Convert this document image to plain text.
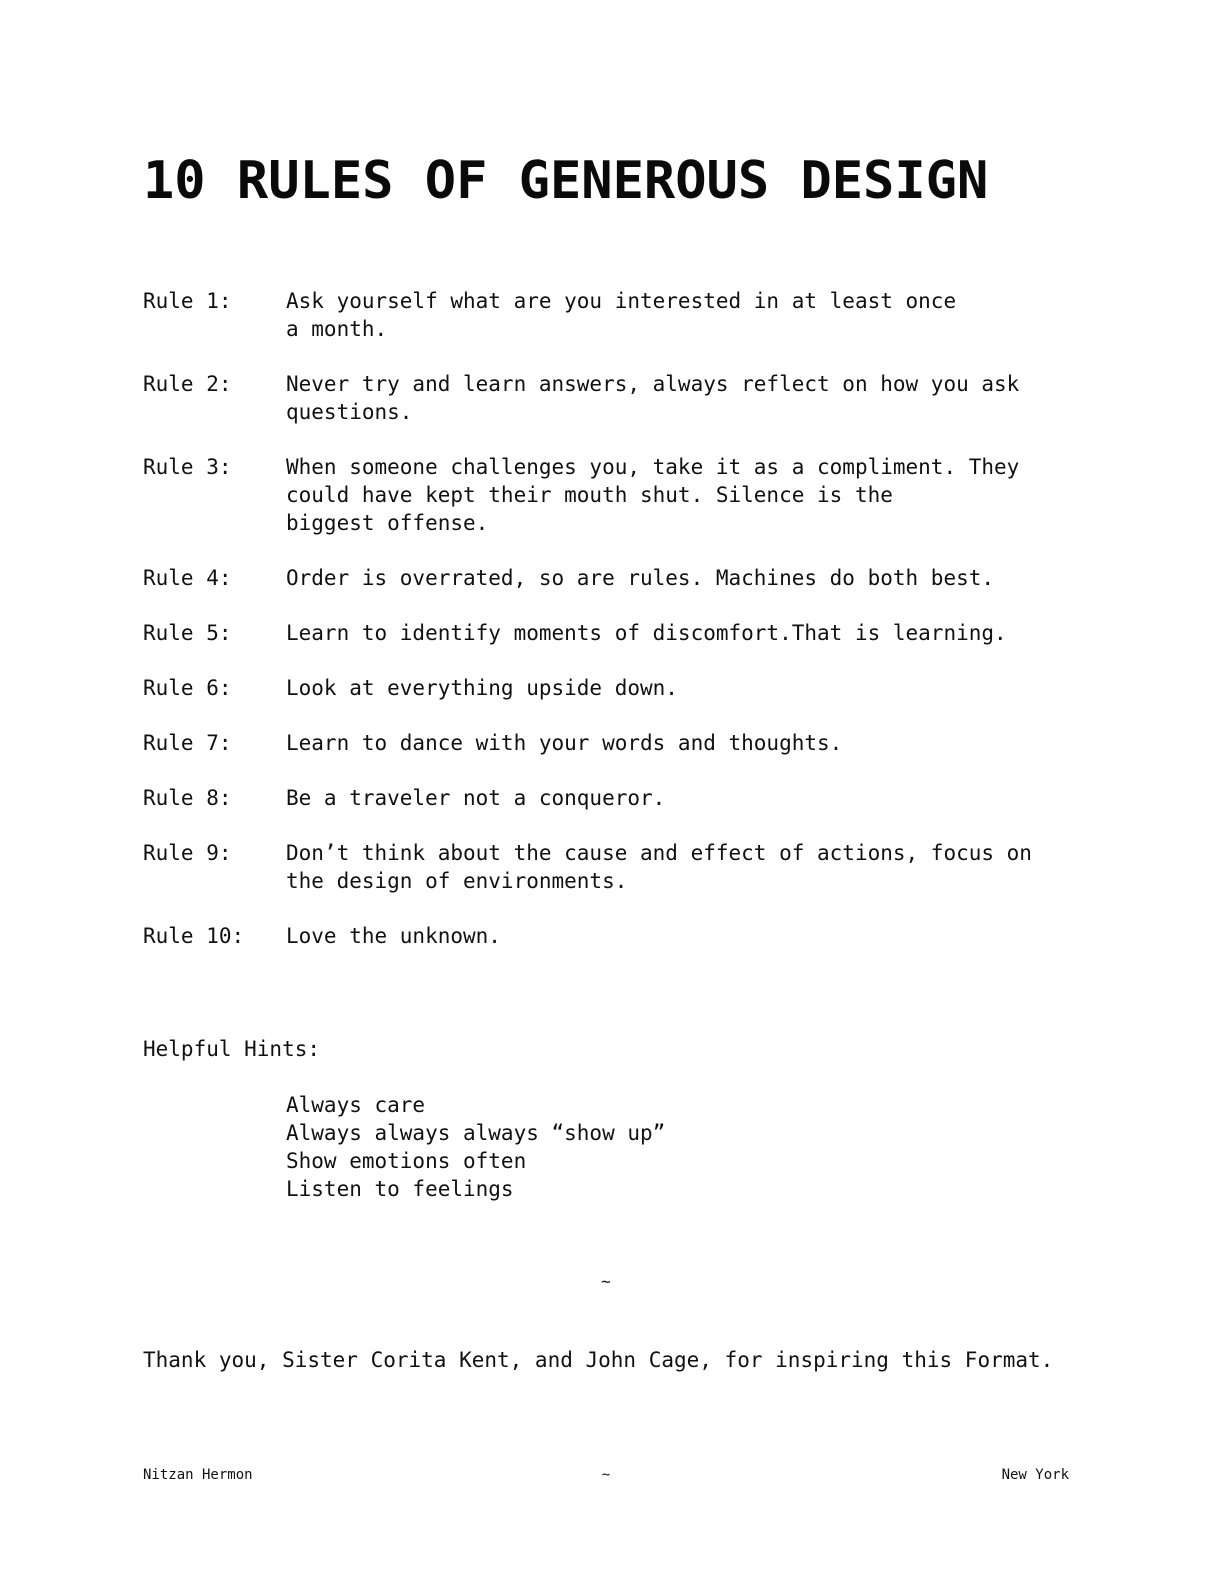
10 RULES OF GENEROUS DESIGN
Rule 1:	Ask yourself what are you interested in at least once
a month.
Rule 2:	Never try and learn answers, always reflect on how you ask
questions.
Rule 3:	When someone challenges you, take it as a compliment. They
could have kept their mouth shut. Silence is the
biggest offense.
Rule 4:	Order is overrated, so are rules. Machines do both best.
Rule 5:	Learn to identify moments of discomfort.That is learning.
Rule 6:	Look at everything upside down.
Rule 7:	Learn to dance with your words and thoughts.
Rule 8:	Be a traveler not a conqueror.
Rule 9:	Don’t think about the cause and effect of actions, focus on
the design of environments.
Rule 10:	Love the unknown.
Helpful Hints:
Always care
Always always always “show up”
Show emotions often
Listen to feelings
~
Thank you, Sister Corita Kent, and John Cage, for inspiring this Format.
Nitzan Hermon	~	New York
